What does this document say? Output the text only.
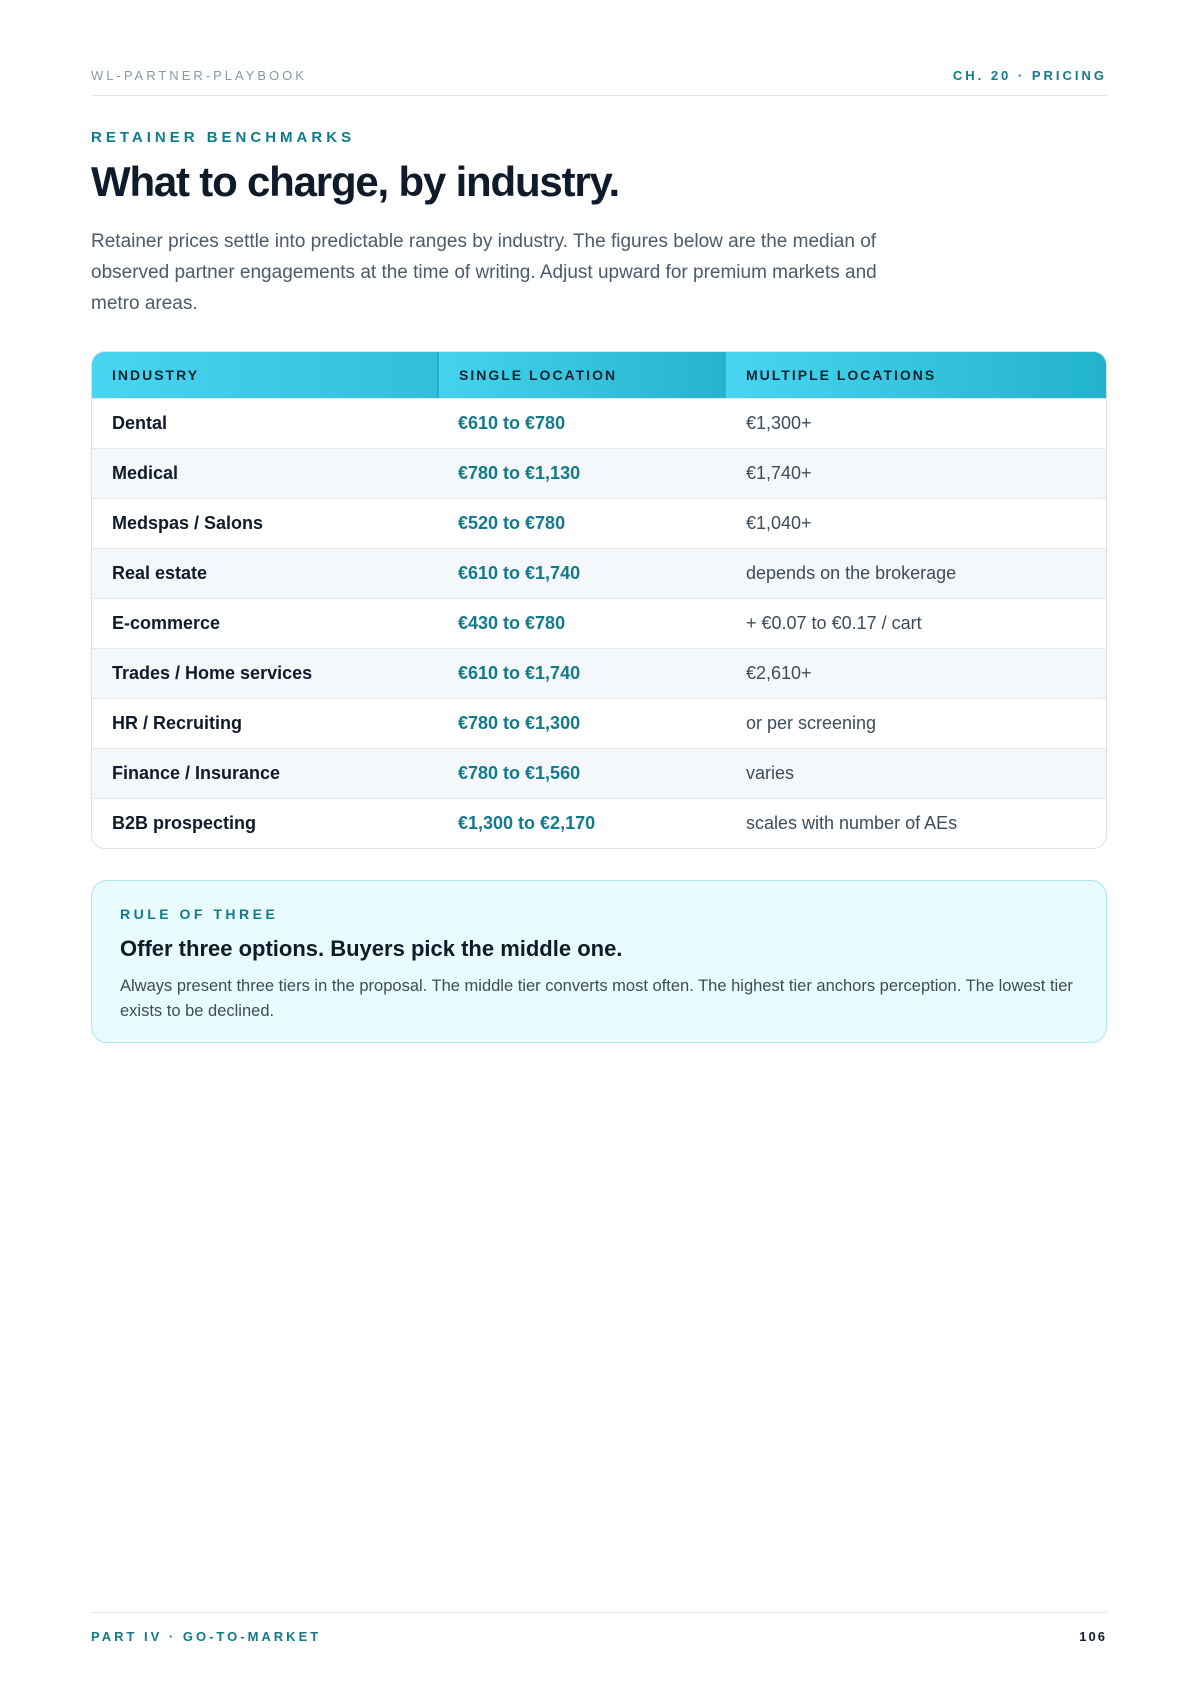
WL-PARTNER-PLAYBOOK	CH. 20 · PRICING
RETAINER BENCHMARKS
What to charge, by industry.

Retainer prices settle into predictable ranges by industry. The figures below are the median of observed partner engagements at the time of writing. Adjust upward for premium markets and metro areas.

INDUSTRY	SINGLE LOCATION	MULTIPLE LOCATIONS
Dental	€610 to €780	€1,300+
Medical	€780 to €1,130	€1,740+
Medspas / Salons	€520 to €780	€1,040+
Real estate	€610 to €1,740	depends on the brokerage
E-commerce	€430 to €780	+ €0.07 to €0.17 / cart
Trades / Home services	€610 to €1,740	€2,610+
HR / Recruiting	€780 to €1,300	or per screening
Finance / Insurance	€780 to €1,560	varies
B2B prospecting	€1,300 to €2,170	scales with number of AEs
RULE OF THREE
Offer three options. Buyers pick the middle one.

Always present three tiers in the proposal. The middle tier converts most often. The highest tier anchors perception. The lowest tier exists to be declined.

PART IV · GO-TO-MARKET	106
